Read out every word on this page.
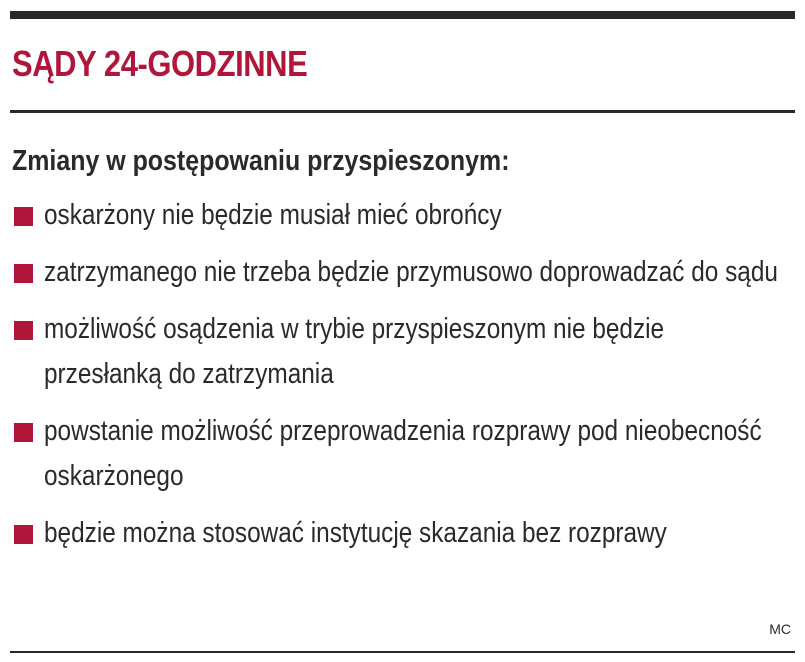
SĄDY 24-GODZINNE
Zmiany w postępowaniu przyspieszonym:
oskarżony nie będzie musiał mieć obrońcy
zatrzymanego nie trzeba będzie przymusowo doprowadzać do sądu
możliwość osądzenia w trybie przyspieszonym nie będzie przesłanką do zatrzymania
powstanie możliwość przeprowadzenia rozprawy pod nieobecność oskarżonego
będzie można stosować instytucję skazania bez rozprawy
MC
